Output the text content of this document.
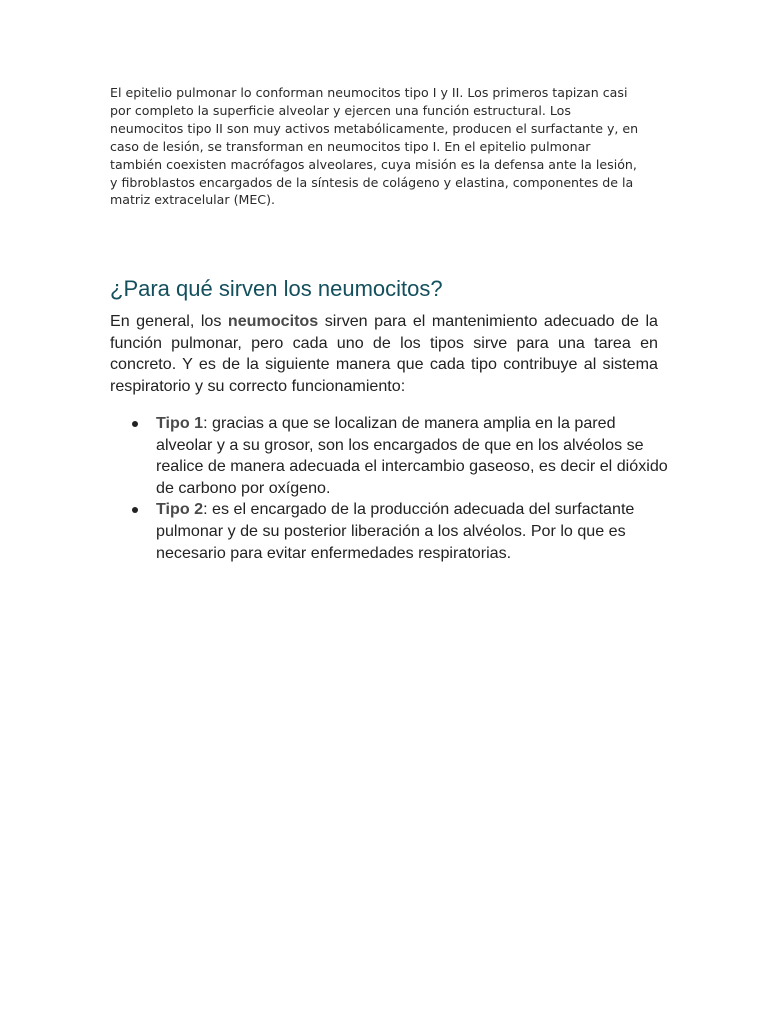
El epitelio pulmonar lo conforman neumocitos tipo I y II. Los primeros tapizan casi por completo la superficie alveolar y ejercen una función estructural. Los neumocitos tipo II son muy activos metabólicamente, producen el surfactante y, en caso de lesión, se transforman en neumocitos tipo I. En el epitelio pulmonar también coexisten macrófagos alveolares, cuya misión es la defensa ante la lesión, y fibroblastos encargados de la síntesis de colágeno y elastina, componentes de la matriz extracelular (MEC).

¿Para qué sirven los neumocitos?

En general, los neumocitos sirven para el mantenimiento adecuado de la función pulmonar, pero cada uno de los tipos sirve para una tarea en concreto. Y es de la siguiente manera que cada tipo contribuye al sistema respiratorio y su correcto funcionamiento:

Tipo 1: gracias a que se localizan de manera amplia en la pared alveolar y a su grosor, son los encargados de que en los alvéolos se realice de manera adecuada el intercambio gaseoso, es decir el dióxido de carbono por oxígeno.
Tipo 2: es el encargado de la producción adecuada del surfactante pulmonar y de su posterior liberación a los alvéolos. Por lo que es necesario para evitar enfermedades respiratorias.
